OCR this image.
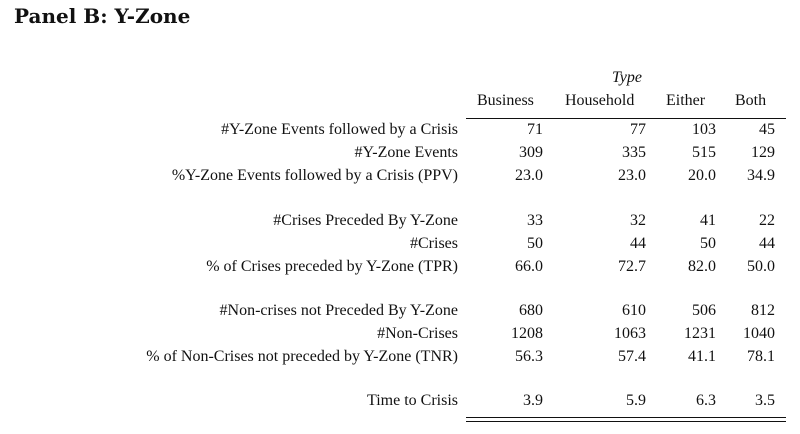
Panel B: Y-Zone
Type
Business Household Either Both
#Y-Zone Events followed by a Crisis	71	77	103	45
#Y-Zone Events	309	335	515	129
%Y-Zone Events followed by a Crisis (PPV)	23.0	23.0	20.0	34.9
#Crises Preceded By Y-Zone	33	32	41	22
#Crises	50	44	50	44
% of Crises preceded by Y-Zone (TPR)	66.0	72.7	82.0	50.0
#Non-crises not Preceded By Y-Zone	680	610	506	812
#Non-Crises	1208	1063	1231	1040
% of Non-Crises not preceded by Y-Zone (TNR)	56.3	57.4	41.1	78.1
Time to Crisis	3.9	5.9	6.3	3.5
